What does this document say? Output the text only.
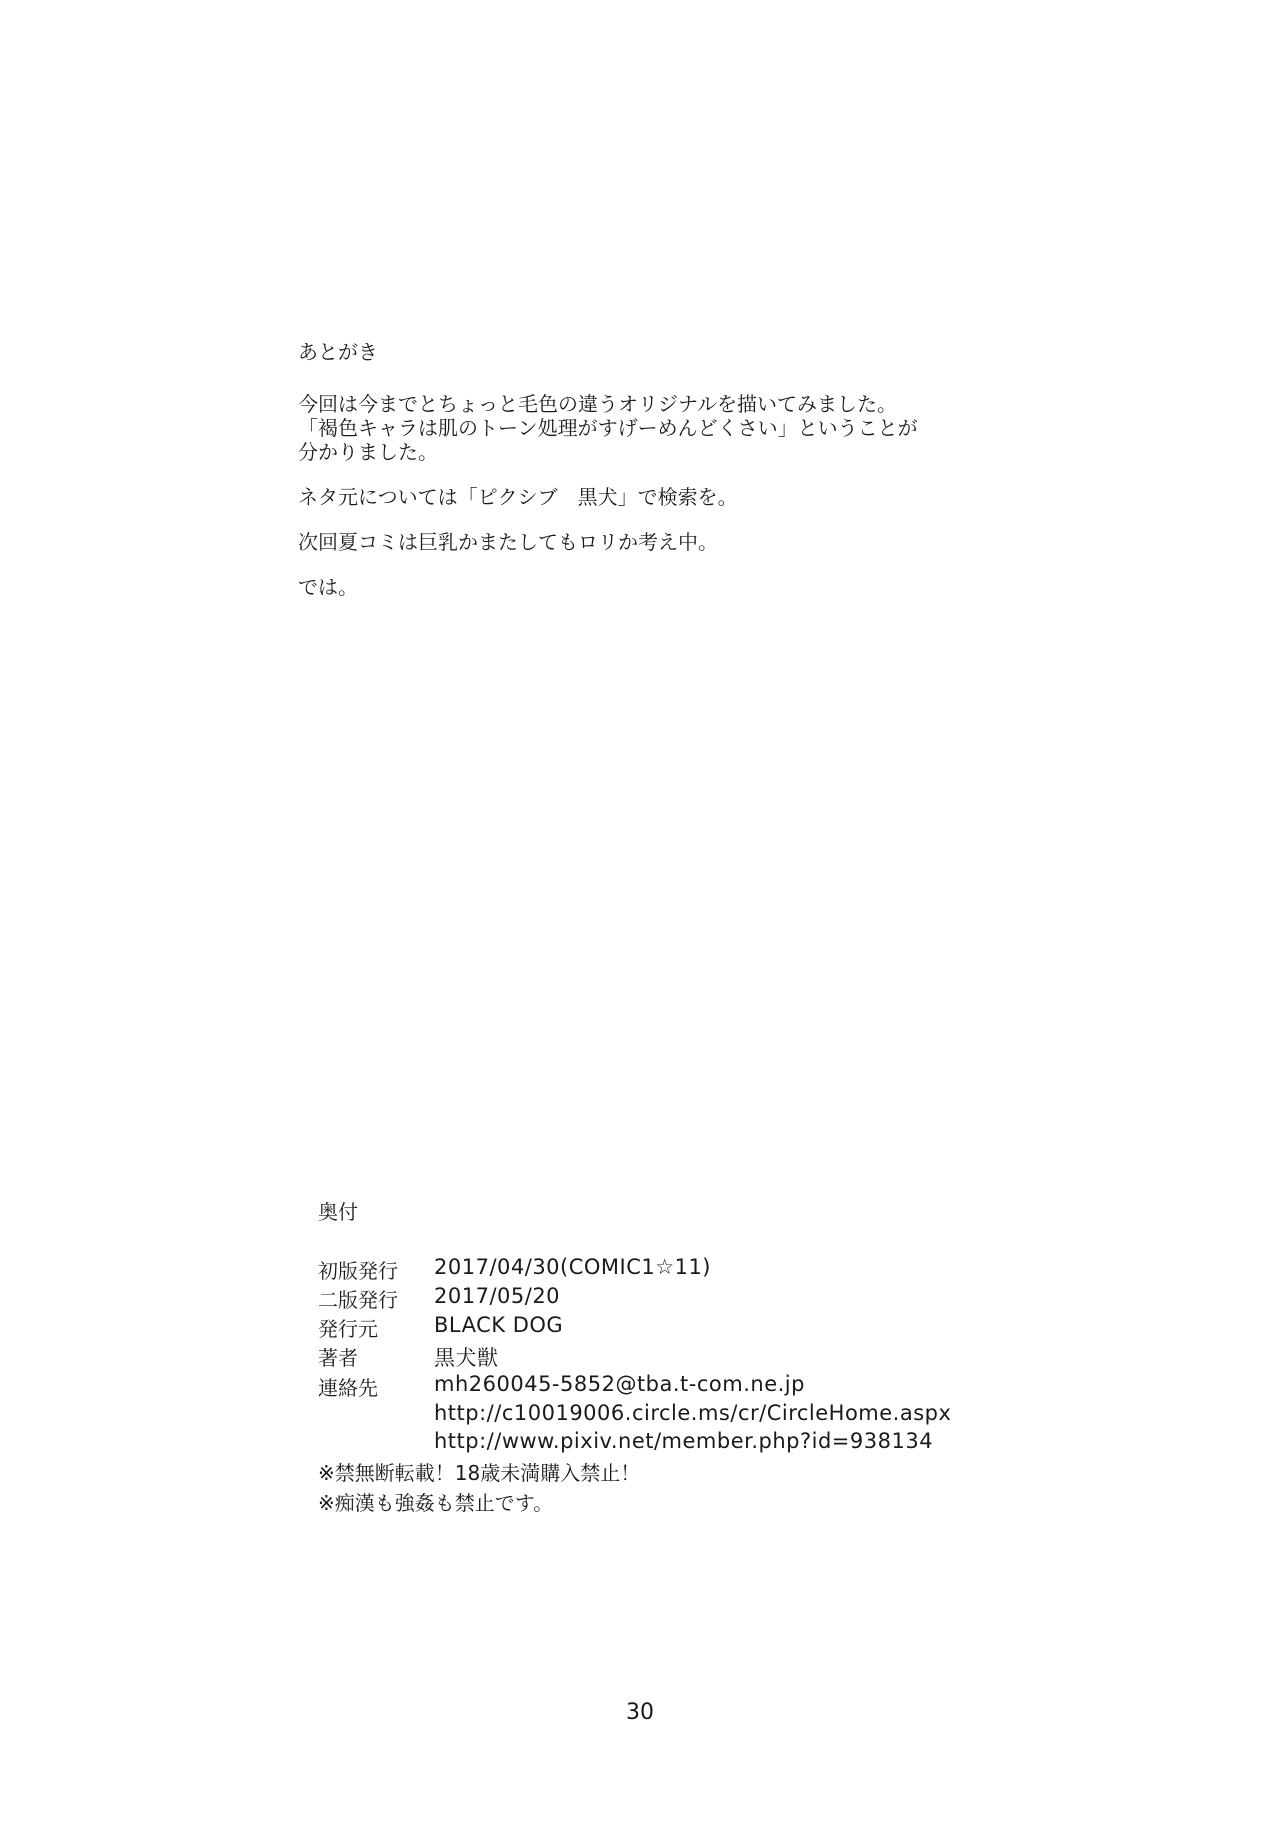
あとがき
今回は今までとちょっと毛色の違うオリジナルを描いてみました。
「褐色キャラは肌のトーン処理がすげーめんどくさい」ということが
分かりました。
ネタ元については「ピクシブ　黒犬」で検索を。
次回夏コミは巨乳かまたしてもロリか考え中。
では。
奥付
初版発行	2017/04/30(COMIC1☆11)
二版発行	2017/05/20
発行元	BLACK DOG
著者	黒犬獣
連絡先	mh260045-5852@tba.t-com.ne.jp
	http://c10019006.circle.ms/cr/CircleHome.aspx
	http://www.pixiv.net/member.php?id=938134
※禁無断転載！18歳未満購入禁止！
※痴漢も強姦も禁止です。
30
